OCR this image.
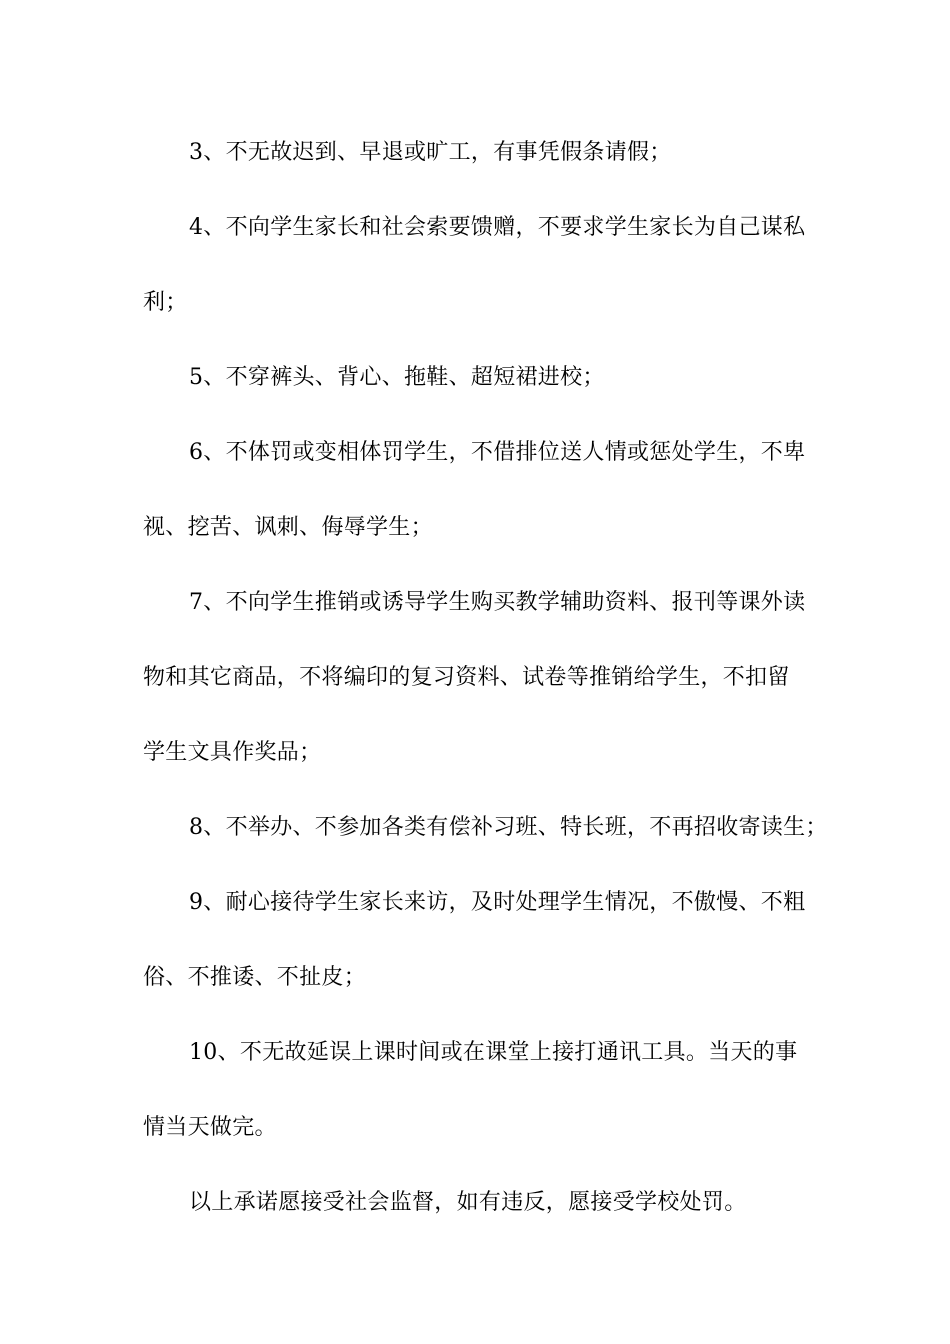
3、不无故迟到、早退或旷工，有事凭假条请假；
4、不向学生家长和社会索要馈赠，不要求学生家长为自己谋私
利；
5、不穿裤头、背心、拖鞋、超短裙进校；
6、不体罚或变相体罚学生，不借排位送人情或惩处学生，不卑
视、挖苦、讽刺、侮辱学生；
7、不向学生推销或诱导学生购买教学辅助资料、报刊等课外读
物和其它商品，不将编印的复习资料、试卷等推销给学生，不扣留
学生文具作奖品；
8、不举办、不参加各类有偿补习班、特长班，不再招收寄读生；
9、耐心接待学生家长来访，及时处理学生情况，不傲慢、不粗
俗、不推诿、不扯皮；
10、不无故延误上课时间或在课堂上接打通讯工具。当天的事
情当天做完。
以上承诺愿接受社会监督，如有违反，愿接受学校处罚。
